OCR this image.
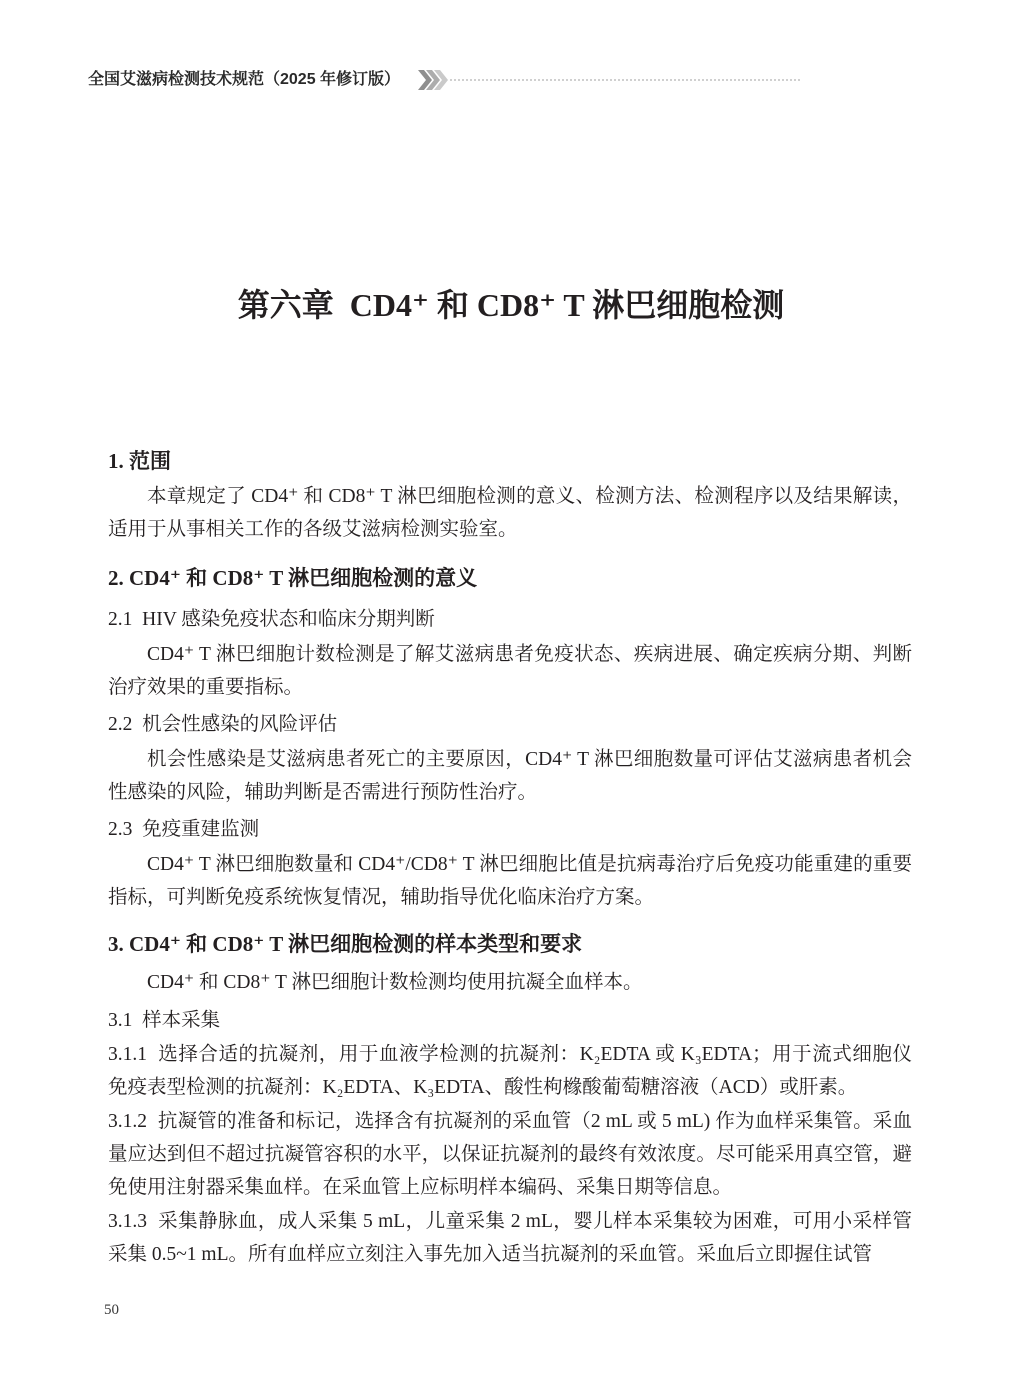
全国艾滋病检测技术规范（2025 年修订版）
第六章  CD4⁺ 和 CD8⁺ T 淋巴细胞检测
1. 范围

本章规定了 CD4⁺ 和 CD8⁺ T 淋巴细胞检测的意义、检测方法、检测程序以及结果解读，适用于从事相关工作的各级艾滋病检测实验室。

2. CD4⁺ 和 CD8⁺ T 淋巴细胞检测的意义
2.1  HIV 感染免疫状态和临床分期判断

CD4⁺ T 淋巴细胞计数检测是了解艾滋病患者免疫状态、疾病进展、确定疾病分期、判断治疗效果的重要指标。

2.2  机会性感染的风险评估

机会性感染是艾滋病患者死亡的主要原因，CD4⁺ T 淋巴细胞数量可评估艾滋病患者机会性感染的风险，辅助判断是否需进行预防性治疗。

2.3  免疫重建监测

CD4⁺ T 淋巴细胞数量和 CD4⁺/CD8⁺ T 淋巴细胞比值是抗病毒治疗后免疫功能重建的重要指标，可判断免疫系统恢复情况，辅助指导优化临床治疗方案。

3. CD4⁺ 和 CD8⁺ T 淋巴细胞检测的样本类型和要求

CD4⁺ 和 CD8⁺ T 淋巴细胞计数检测均使用抗凝全血样本。

3.1  样本采集

3.1.1 选择合适的抗凝剂，用于血液学检测的抗凝剂：K₂EDTA 或 K₃EDTA；用于流式细胞仪免疫表型检测的抗凝剂：K₂EDTA、K₃EDTA、酸性枸橼酸葡萄糖溶液（ACD）或肝素。

3.1.2 抗凝管的准备和标记，选择含有抗凝剂的采血管（2 mL 或 5 mL) 作为血样采集管。采血量应达到但不超过抗凝管容积的水平，以保证抗凝剂的最终有效浓度。尽可能采用真空管，避免使用注射器采集血样。在采血管上应标明样本编码、采集日期等信息。

3.1.3 采集静脉血，成人采集 5 mL，儿童采集 2 mL，婴儿样本采集较为困难，可用小采样管采集 0.5~1 mL。所有血样应立刻注入事先加入适当抗凝剂的采血管。采血后立即握住试管

50
